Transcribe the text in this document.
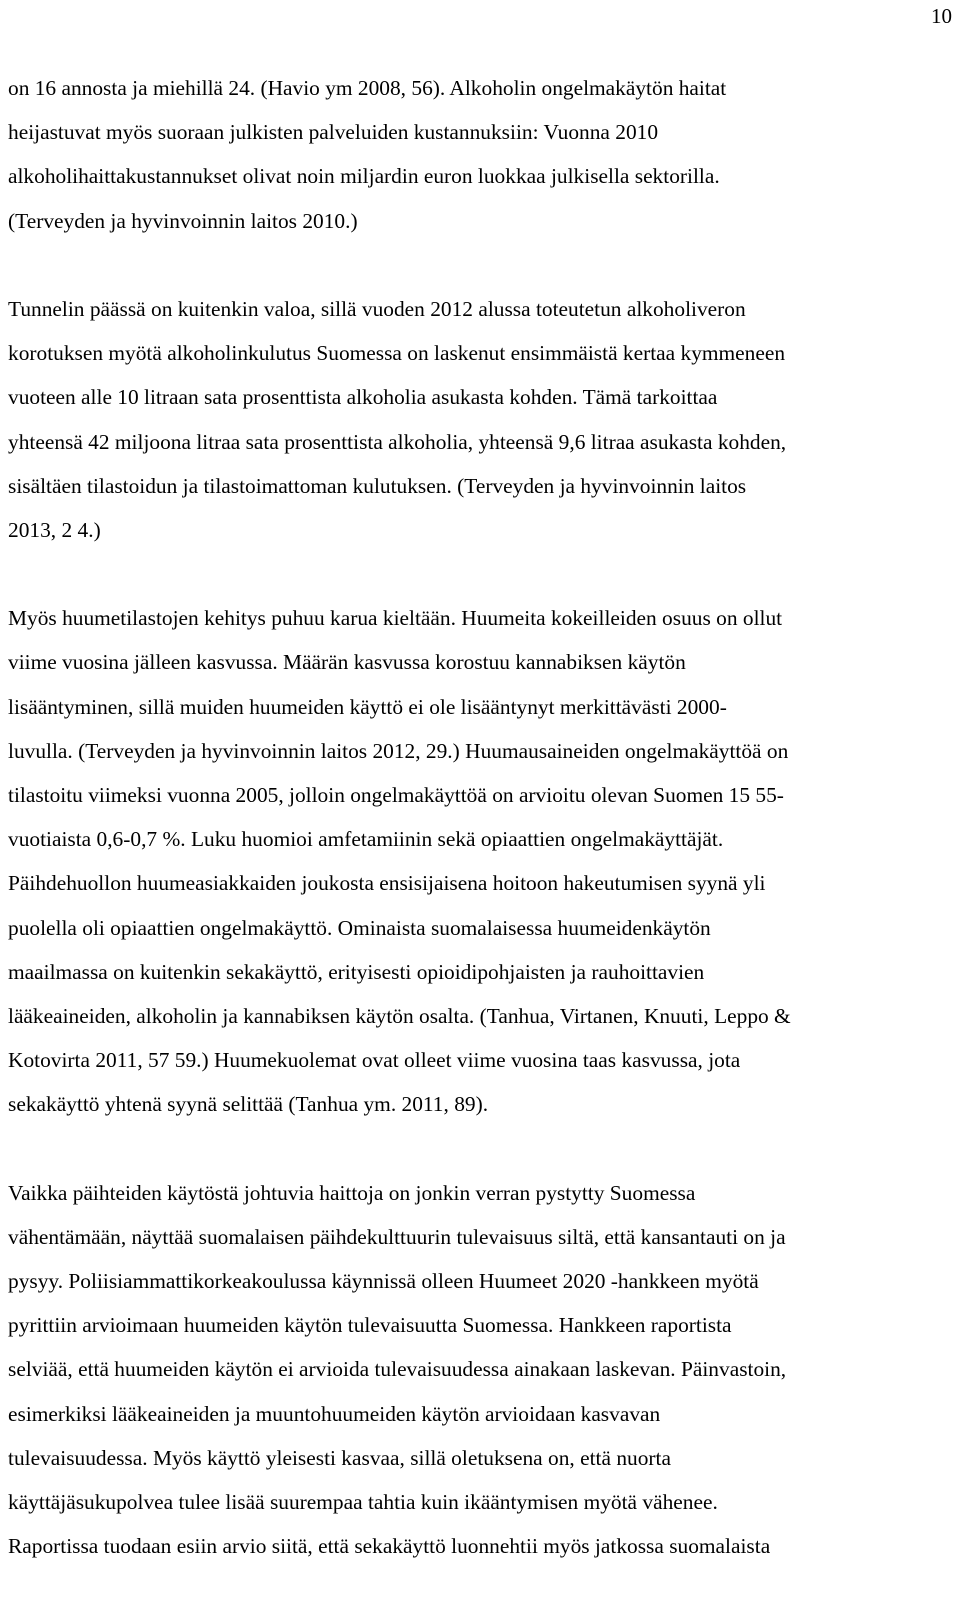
10

on 16 annosta ja miehillä 24. (Havio ym 2008, 56). Alkoholin ongelmakäytön haitat
heijastuvat myös suoraan julkisten palveluiden kustannuksiin: Vuonna 2010
alkoholihaittakustannukset olivat noin miljardin euron luokkaa julkisella sektorilla.
(Terveyden ja hyvinvoinnin laitos 2010.)

Tunnelin päässä on kuitenkin valoa, sillä vuoden 2012 alussa toteutetun alkoholiveron
korotuksen myötä alkoholinkulutus Suomessa on laskenut ensimmäistä kertaa kymmeneen
vuoteen alle 10 litraan sata prosenttista alkoholia asukasta kohden. Tämä tarkoittaa
yhteensä 42 miljoona litraa sata prosenttista alkoholia, yhteensä 9,6 litraa asukasta kohden,
sisältäen tilastoidun ja tilastoimattoman kulutuksen. (Terveyden ja hyvinvoinnin laitos
2013, 2 4.)

Myös huumetilastojen kehitys puhuu karua kieltään. Huumeita kokeilleiden osuus on ollut
viime vuosina jälleen kasvussa. Määrän kasvussa korostuu kannabiksen käytön
lisääntyminen, sillä muiden huumeiden käyttö ei ole lisääntynyt merkittävästi 2000-
luvulla. (Terveyden ja hyvinvoinnin laitos 2012, 29.) Huumausaineiden ongelmakäyttöä on
tilastoitu viimeksi vuonna 2005, jolloin ongelmakäyttöä on arvioitu olevan Suomen 15 55-
vuotiaista 0,6-0,7 %. Luku huomioi amfetamiinin sekä opiaattien ongelmakäyttäjät.
Päihdehuollon huumeasiakkaiden joukosta ensisijaisena hoitoon hakeutumisen syynä yli
puolella oli opiaattien ongelmakäyttö. Ominaista suomalaisessa huumeidenkäytön
maailmassa on kuitenkin sekakäyttö, erityisesti opioidipohjaisten ja rauhoittavien
lääkeaineiden, alkoholin ja kannabiksen käytön osalta. (Tanhua, Virtanen, Knuuti, Leppo &
Kotovirta 2011, 57 59.) Huumekuolemat ovat olleet viime vuosina taas kasvussa, jota
sekakäyttö yhtenä syynä selittää (Tanhua ym. 2011, 89).

Vaikka päihteiden käytöstä johtuvia haittoja on jonkin verran pystytty Suomessa
vähentämään, näyttää suomalaisen päihdekulttuurin tulevaisuus siltä, että kansantauti on ja
pysyy. Poliisiammattikorkeakoulussa käynnissä olleen Huumeet 2020 -hankkeen myötä
pyrittiin arvioimaan huumeiden käytön tulevaisuutta Suomessa. Hankkeen raportista
selviää, että huumeiden käytön ei arvioida tulevaisuudessa ainakaan laskevan. Päinvastoin,
esimerkiksi lääkeaineiden ja muuntohuumeiden käytön arvioidaan kasvavan
tulevaisuudessa. Myös käyttö yleisesti kasvaa, sillä oletuksena on, että nuorta
käyttäjäsukupolvea tulee lisää suurempaa tahtia kuin ikääntymisen myötä vähenee.
Raportissa tuodaan esiin arvio siitä, että sekakäyttö luonnehtii myös jatkossa suomalaista
